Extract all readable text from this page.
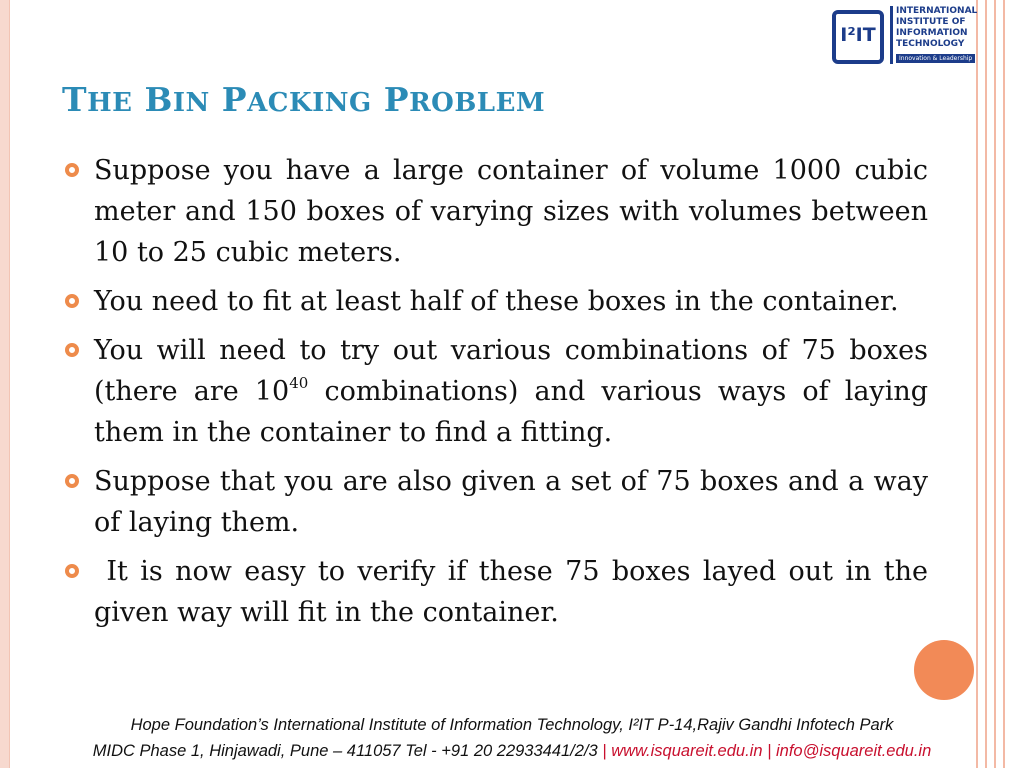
I²IT
INTERNATIONAL
INSTITUTE OF
INFORMATION
TECHNOLOGY
Innovation & Leadership
THE BIN PACKING PROBLEM
Suppose you have a large container of volume 1000 cubic meter and 150 boxes of varying sizes with volumes between 10 to 25 cubic meters.
You need to fit at least half of these boxes in the container.
You will need to try out various combinations of 75 boxes (there are $10^{40}$ combinations) and various ways of laying them in the container to find a fitting.
Suppose that you are also given a set of 75 boxes and a way of laying them.
It is now easy to verify if these 75 boxes layed out in the given way will fit in the container.
Hope Foundation’s International Institute of Information Technology, I²IT P-14,Rajiv Gandhi Infotech Park
MIDC Phase 1, Hinjawadi, Pune – 411057 Tel - +91 20 22933441/2/3 | www.isquareit.edu.in | info@isquareit.edu.in
